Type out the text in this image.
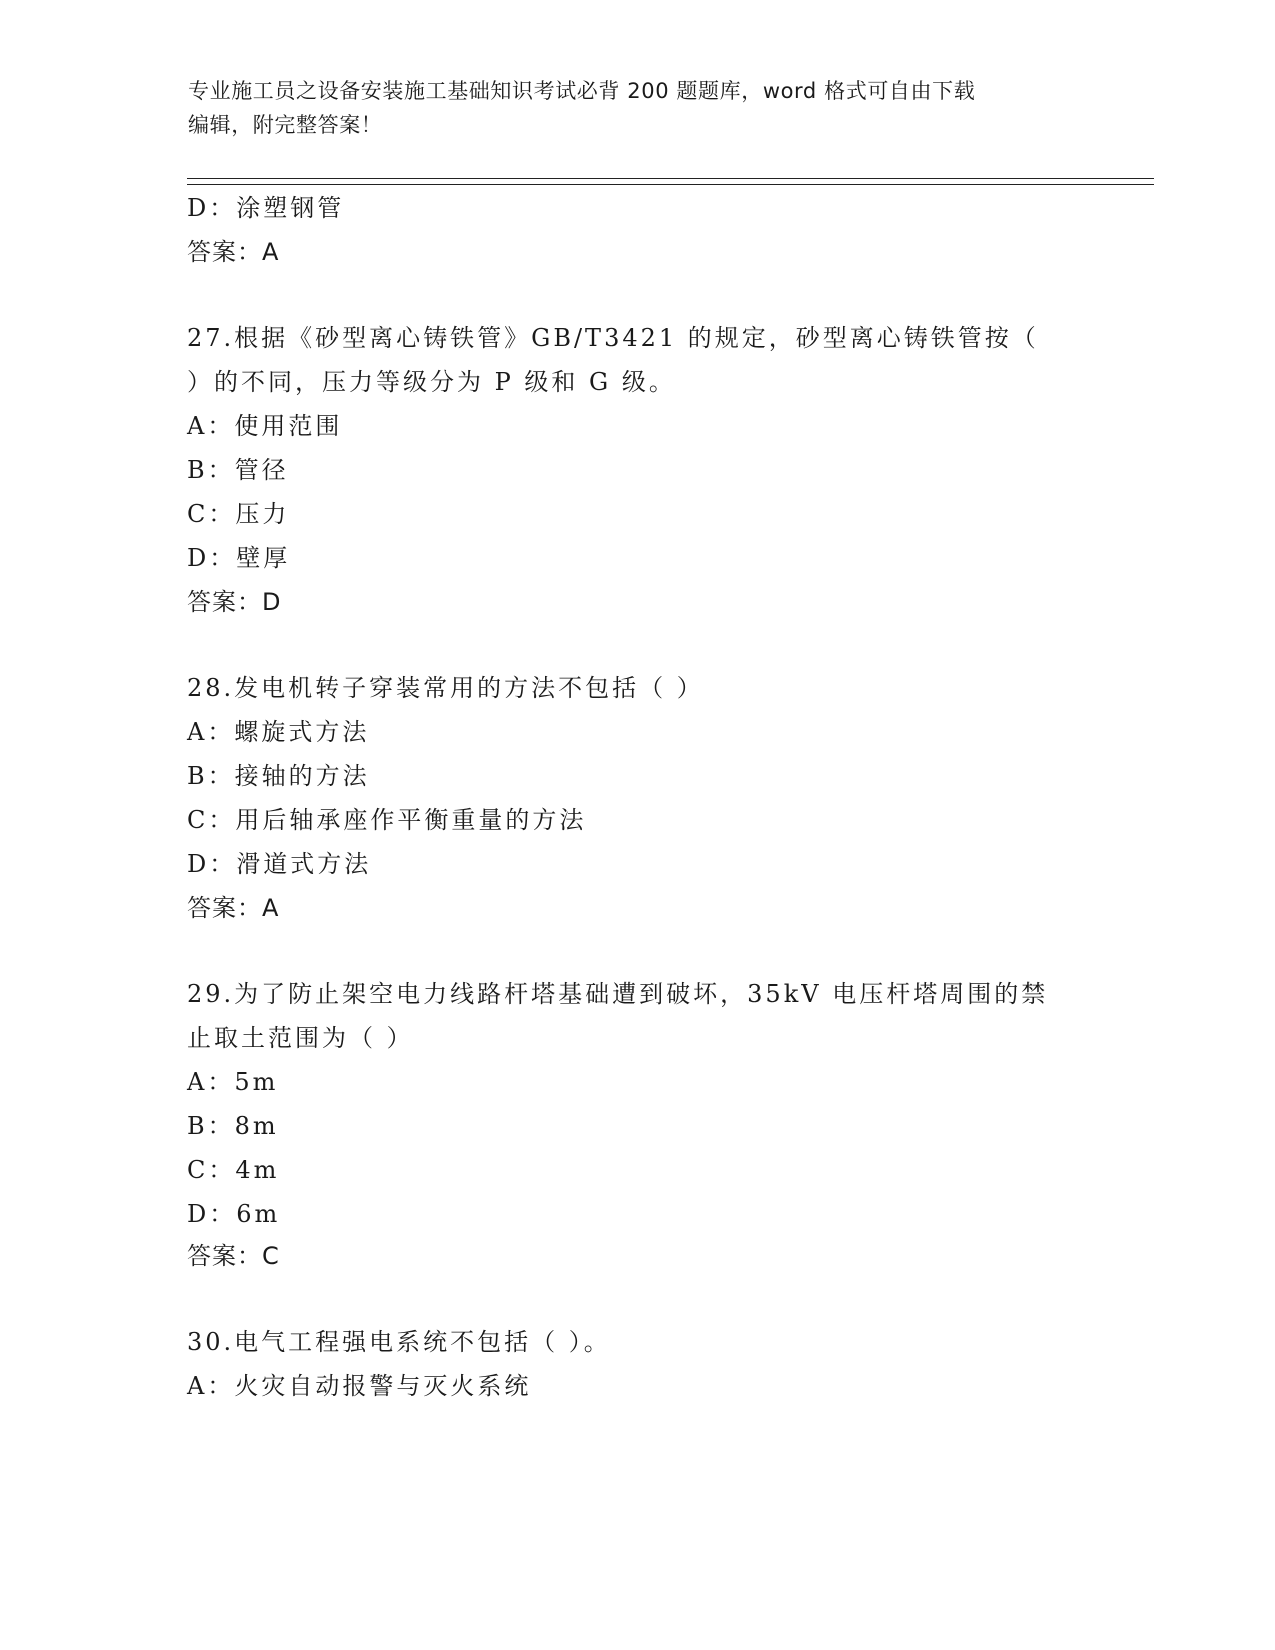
专业施工员之设备安装施工基础知识考试必背 200 题题库，word 格式可自由下载
编辑，附完整答案！
D：涂塑钢管
答案：A
27.根据《砂型离心铸铁管》GB/T3421 的规定，砂型离心铸铁管按（
）的不同，压力等级分为 P 级和 G 级。
A：使用范围
B：管径
C：压力
D：壁厚
答案：D
28.发电机转子穿装常用的方法不包括（ ）
A：螺旋式方法
B：接轴的方法
C：用后轴承座作平衡重量的方法
D：滑道式方法
答案：A
29.为了防止架空电力线路杆塔基础遭到破坏，35kV 电压杆塔周围的禁
止取土范围为（ ）
A：5m
B：8m
C：4m
D：6m
答案：C
30.电气工程强电系统不包括（ ）。
A：火灾自动报警与灭火系统
